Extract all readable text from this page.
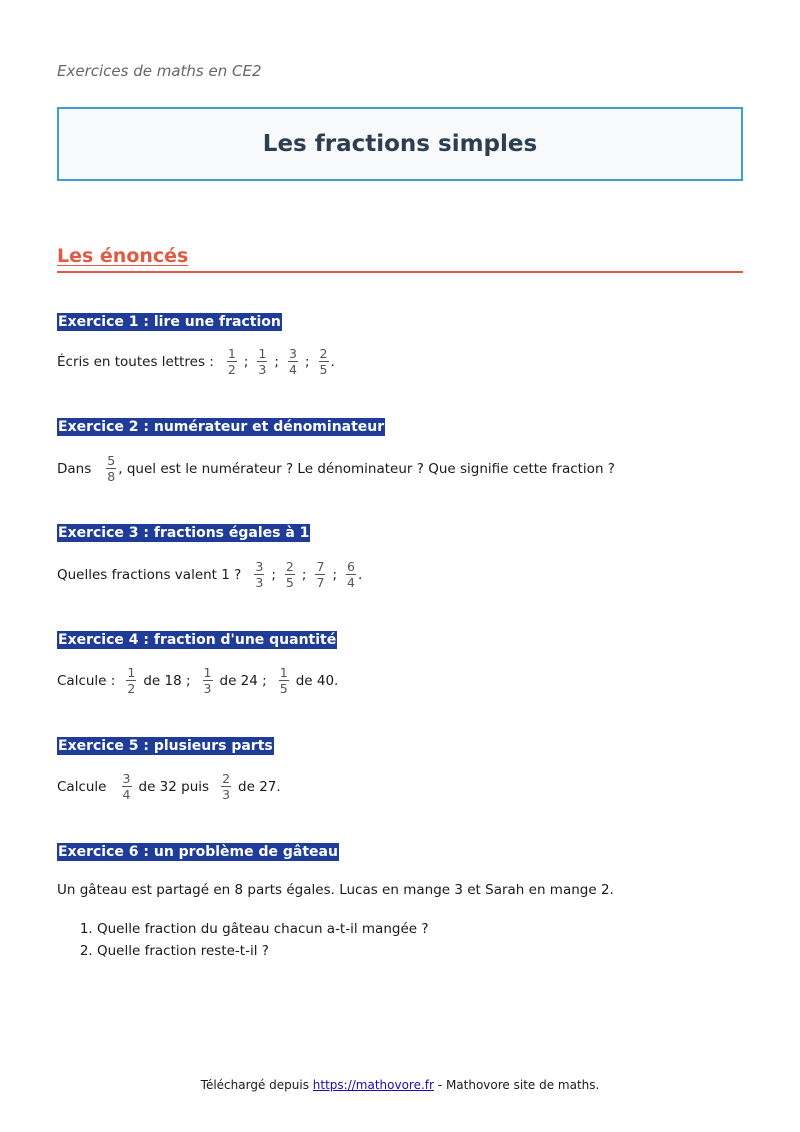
Exercices de maths en CE2
Les fractions simples
Les énoncés
Exercice 1 : lire une fraction
Écris en toutes lettres : $\frac{1}{2}$ ; $\frac{1}{3}$ ; $\frac{3}{4}$ ; $\frac{2}{5}$ .
Exercice 2 : numérateur et dénominateur
Dans $\frac{5}{8}$ , quel est le numérateur ? Le dénominateur ? Que signifie cette fraction ?
Exercice 3 : fractions égales à 1
Quelles fractions valent 1 ? $\frac{3}{3}$ ; $\frac{2}{5}$ ; $\frac{7}{7}$ ; $\frac{6}{4}$ .
Exercice 4 : fraction d'une quantité
Calcule : $\frac{1}{2}$ de 18 ; $\frac{1}{3}$ de 24 ; $\frac{1}{5}$ de 40.
Exercice 5 : plusieurs parts
Calcule $\frac{3}{4}$ de 32 puis $\frac{2}{3}$ de 27.
Exercice 6 : un problème de gâteau
Un gâteau est partagé en 8 parts égales. Lucas en mange 3 et Sarah en mange 2.
1. Quelle fraction du gâteau chacun a-t-il mangée ?
2. Quelle fraction reste-t-il ?
Téléchargé depuis https://mathovore.fr - Mathovore site de maths.
